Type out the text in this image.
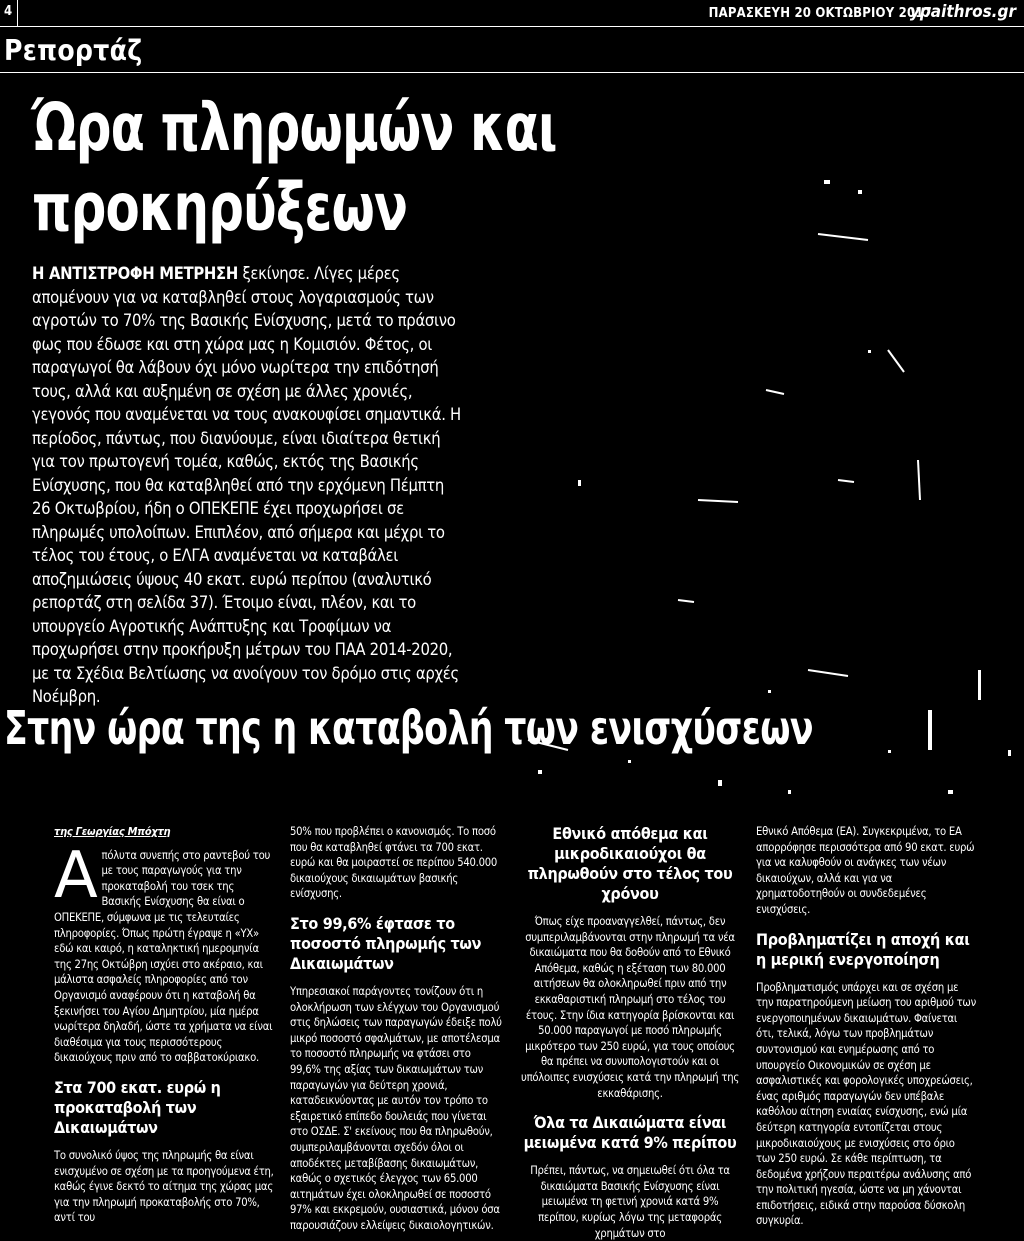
4	ΠΑΡΑΣΚΕΥΗ 20 ΟΚΤΩΒΡΙΟΥ 2017
ypaithros.gr
Ρεπορτάζ
Ώρα πληρωμών και προκηρύξεων
Η ΑΝΤΙΣΤΡΟΦΗ ΜΕΤΡΗΣΗ ξεκίνησε. Λίγες μέρες απομένουν για να καταβληθεί στους λογαριασμούς των αγροτών το 70% της Βασικής Ενίσχυσης, μετά το πράσινο φως που έδωσε και στη χώρα μας η Κομισιόν. Φέτος, οι παραγωγοί θα λάβουν όχι μόνο νωρίτερα την επιδότησή τους, αλλά και αυξημένη σε σχέση με άλλες χρονιές, γεγονός που αναμένεται να τους ανακουφίσει σημαντικά. Η περίοδος, πάντως, που διανύουμε, είναι ιδιαίτερα θετική για τον πρωτογενή τομέα, καθώς, εκτός της Βασικής Ενίσχυσης, που θα καταβληθεί από την ερχόμενη Πέμπτη 26 Οκτωβρίου, ήδη ο ΟΠΕΚΕΠΕ έχει προχωρήσει σε πληρωμές υπολοίπων. Επιπλέον, από σήμερα και μέχρι το τέλος του έτους, ο ΕΛΓΑ αναμένεται να καταβάλει αποζημιώσεις ύψους 40 εκατ. ευρώ περίπου (αναλυτικό ρεπορτάζ στη σελίδα 37). Έτοιμο είναι, πλέον, και το υπουργείο Αγροτικής Ανάπτυξης και Τροφίμων να προχωρήσει στην προκήρυξη μέτρων του ΠΑΑ 2014-2020, με τα Σχέδια Βελτίωσης να ανοίγουν τον δρόμο στις αρχές Νοέμβρη.
Στην ώρα της η καταβολή των ενισχύσεων

της Γεωργίας Μπόχτη

Απόλυτα συνεπής στο ραντεβού του με τους παραγωγούς για την προκαταβολή του τσεκ της Βασικής Ενίσχυσης θα είναι ο ΟΠΕΚΕΠΕ, σύμφωνα με τις τελευταίες πληροφορίες. Όπως πρώτη έγραψε η «ΥΧ» εδώ και καιρό, η καταληκτική ημερομηνία της 27ης Οκτώβρη ισχύει στο ακέραιο, και μάλιστα ασφαλείς πληροφορίες από τον Οργανισμό αναφέρουν ότι η καταβολή θα ξεκινήσει του Αγίου Δημητρίου, μία ημέρα νωρίτερα δηλαδή, ώστε τα χρήματα να είναι διαθέσιμα για τους περισσότερους δικαιούχους πριν από το σαββατοκύριακο.

Στα 700 εκατ. ευρώ η προκαταβολή των Δικαιωμάτων

Το συνολικό ύψος της πληρωμής θα είναι ενισχυμένο σε σχέση με τα προηγούμενα έτη, καθώς έγινε δεκτό το αίτημα της χώρας μας για την πληρωμή προκαταβολής στο 70%, αντί του

50% που προβλέπει ο κανονισμός. Το ποσό που θα καταβληθεί φτάνει τα 700 εκατ. ευρώ και θα μοιραστεί σε περίπου 540.000 δικαιούχους δικαιωμάτων βασικής ενίσχυσης.

Στο 99,6% έφτασε το ποσοστό πληρωμής των Δικαιωμάτων

Υπηρεσιακοί παράγοντες τονίζουν ότι η ολοκλήρωση των ελέγχων του Οργανισμού στις δηλώσεις των παραγωγών έδειξε πολύ μικρό ποσοστό σφαλμάτων, με αποτέλεσμα το ποσοστό πληρωμής να φτάσει στο 99,6% της αξίας των δικαιωμάτων των παραγωγών για δεύτερη χρονιά, καταδεικνύοντας με αυτόν τον τρόπο το εξαιρετικό επίπεδο δουλειάς που γίνεται στο ΟΣΔΕ. Σ' εκείνους που θα πληρωθούν, συμπεριλαμβάνονται σχεδόν όλοι οι αποδέκτες μεταβίβασης δικαιωμάτων, καθώς ο σχετικός έλεγχος των 65.000 αιτημάτων έχει ολοκληρωθεί σε ποσοστό 97% και εκκρεμούν, ουσιαστικά, μόνον όσα παρουσιάζουν ελλείψεις δικαιολογητικών.

Εθνικό απόθεμα και μικροδικαιούχοι θα πληρωθούν στο τέλος του χρόνου

Όπως είχε προαναγγελθεί, πάντως, δεν συμπεριλαμβάνονται στην πληρωμή τα νέα δικαιώματα που θα δοθούν από το Εθνικό Απόθεμα, καθώς η εξέταση των 80.000 αιτήσεων θα ολοκληρωθεί πριν από την εκκαθαριστική πληρωμή στο τέλος του έτους. Στην ίδια κατηγορία βρίσκονται και 50.000 παραγωγοί με ποσό πληρωμής μικρότερο των 250 ευρώ, για τους οποίους θα πρέπει να συνυπολογιστούν και οι υπόλοιπες ενισχύσεις κατά την πληρωμή της εκκαθάρισης.

Όλα τα Δικαιώματα είναι μειωμένα κατά 9% περίπου

Πρέπει, πάντως, να σημειωθεί ότι όλα τα δικαιώματα Βασικής Ενίσχυσης είναι μειωμένα τη φετινή χρονιά κατά 9% περίπου, κυρίως λόγω της μεταφοράς χρημάτων στο

Εθνικό Απόθεμα (ΕΑ). Συγκεκριμένα, το ΕΑ απορρόφησε περισσότερα από 90 εκατ. ευρώ για να καλυφθούν οι ανάγκες των νέων δικαιούχων, αλλά και για να χρηματοδοτηθούν οι συνδεδεμένες ενισχύσεις.

Προβληματίζει η αποχή και η μερική ενεργοποίηση

Προβληματισμός υπάρχει και σε σχέση με την παρατηρούμενη μείωση του αριθμού των ενεργοποιημένων δικαιωμάτων. Φαίνεται ότι, τελικά, λόγω των προβλημάτων συντονισμού και ενημέρωσης από το υπουργείο Οικονομικών σε σχέση με ασφαλιστικές και φορολογικές υποχρεώσεις, ένας αριθμός παραγωγών δεν υπέβαλε καθόλου αίτηση ενιαίας ενίσχυσης, ενώ μία δεύτερη κατηγορία εντοπίζεται στους μικροδικαιούχους με ενισχύσεις στο όριο των 250 ευρώ. Σε κάθε περίπτωση, τα δεδομένα χρήζουν περαιτέρω ανάλυσης από την πολιτική ηγεσία, ώστε να μη χάνονται επιδοτήσεις, ειδικά στην παρούσα δύσκολη συγκυρία.
